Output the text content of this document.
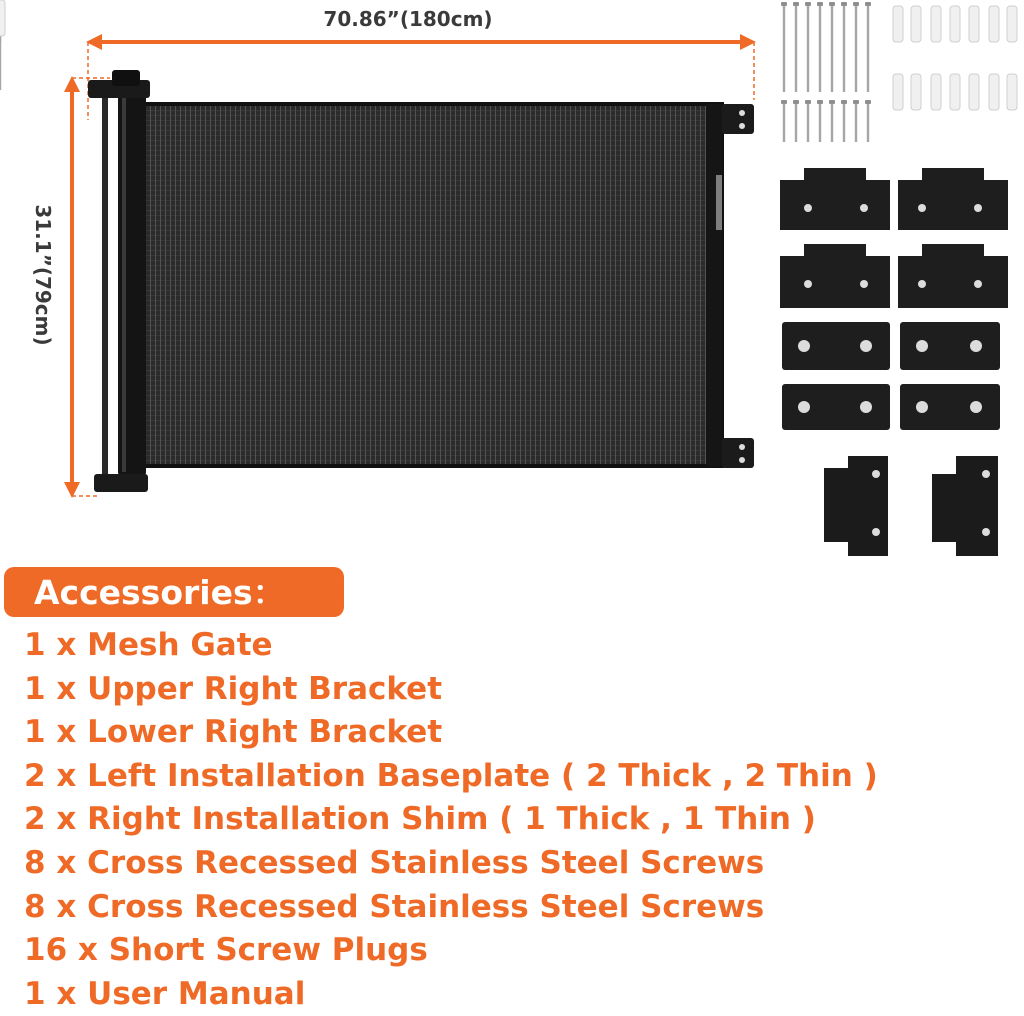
70.86”(180cm)
31.1”(79cm)
Accessories：
1 x Mesh Gate
1 x Upper Right Bracket
1 x Lower Right Bracket
2 x Left Installation Baseplate ( 2 Thick , 2 Thin )
2 x Right Installation Shim ( 1 Thick , 1 Thin )
8 x Cross Recessed Stainless Steel Screws
8 x Cross Recessed Stainless Steel Screws
16 x Short Screw Plugs
1 x User Manual
